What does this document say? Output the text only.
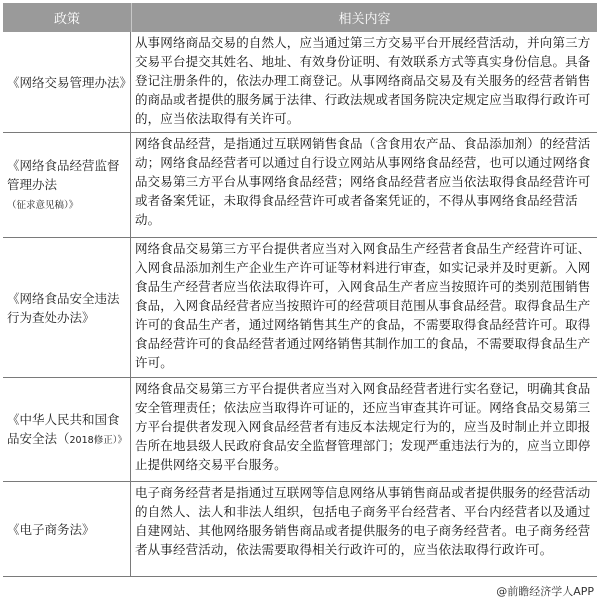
政策	相关内容
《网络交易管理办法》
从事网络商品交易的自然人，应当通过第三方交易平台开展经营活动，并向第三方交易平台提交其姓名、地址、有效身份证明、有效联系方式等真实身份信息。具备登记注册条件的，依法办理工商登记。从事网络商品交易及有关服务的经营者销售的商品或者提供的服务属于法律、行政法规或者国务院决定规定应当取得行政许可的，应当依法取得有关许可。
《网络食品经营监督管理办法（征求意见稿）》
网络食品经营，是指通过互联网销售食品（含食用农产品、食品添加剂）的经营活动；网络食品经营者可以通过自行设立网站从事网络食品经营，也可以通过网络食品交易第三方平台从事网络食品经营；网络食品经营者应当依法取得食品经营许可或者备案凭证，未取得食品经营许可或者备案凭证的，不得从事网络食品经营活动。
《网络食品安全违法行为查处办法》
网络食品交易第三方平台提供者应当对入网食品生产经营者食品生产经营许可证、入网食品添加剂生产企业生产许可证等材料进行审查，如实记录并及时更新。入网食品生产经营者应当依法取得许可，入网食品生产者应当按照许可的类别范围销售食品，入网食品经营者应当按照许可的经营项目范围从事食品经营。取得食品生产许可的食品生产者，通过网络销售其生产的食品，不需要取得食品经营许可。取得食品经营许可的食品经营者通过网络销售其制作加工的食品，不需要取得食品生产许可。
《中华人民共和国食品安全法（2018修正）》
网络食品交易第三方平台提供者应当对入网食品经营者进行实名登记，明确其食品安全管理责任；依法应当取得许可证的，还应当审查其许可证。网络食品交易第三方平台提供者发现入网食品经营者有违反本法规定行为的，应当及时制止并立即报告所在地县级人民政府食品安全监督管理部门；发现严重违法行为的，应当立即停止提供网络交易平台服务。
《电子商务法》
电子商务经营者是指通过互联网等信息网络从事销售商品或者提供服务的经营活动的自然人、法人和非法人组织，包括电子商务平台经营者、平台内经营者以及通过自建网站、其他网络服务销售商品或者提供服务的电子商务经营者。电子商务经营者从事经营活动，依法需要取得相关行政许可的，应当依法取得行政许可。
@前瞻经济学人APP
